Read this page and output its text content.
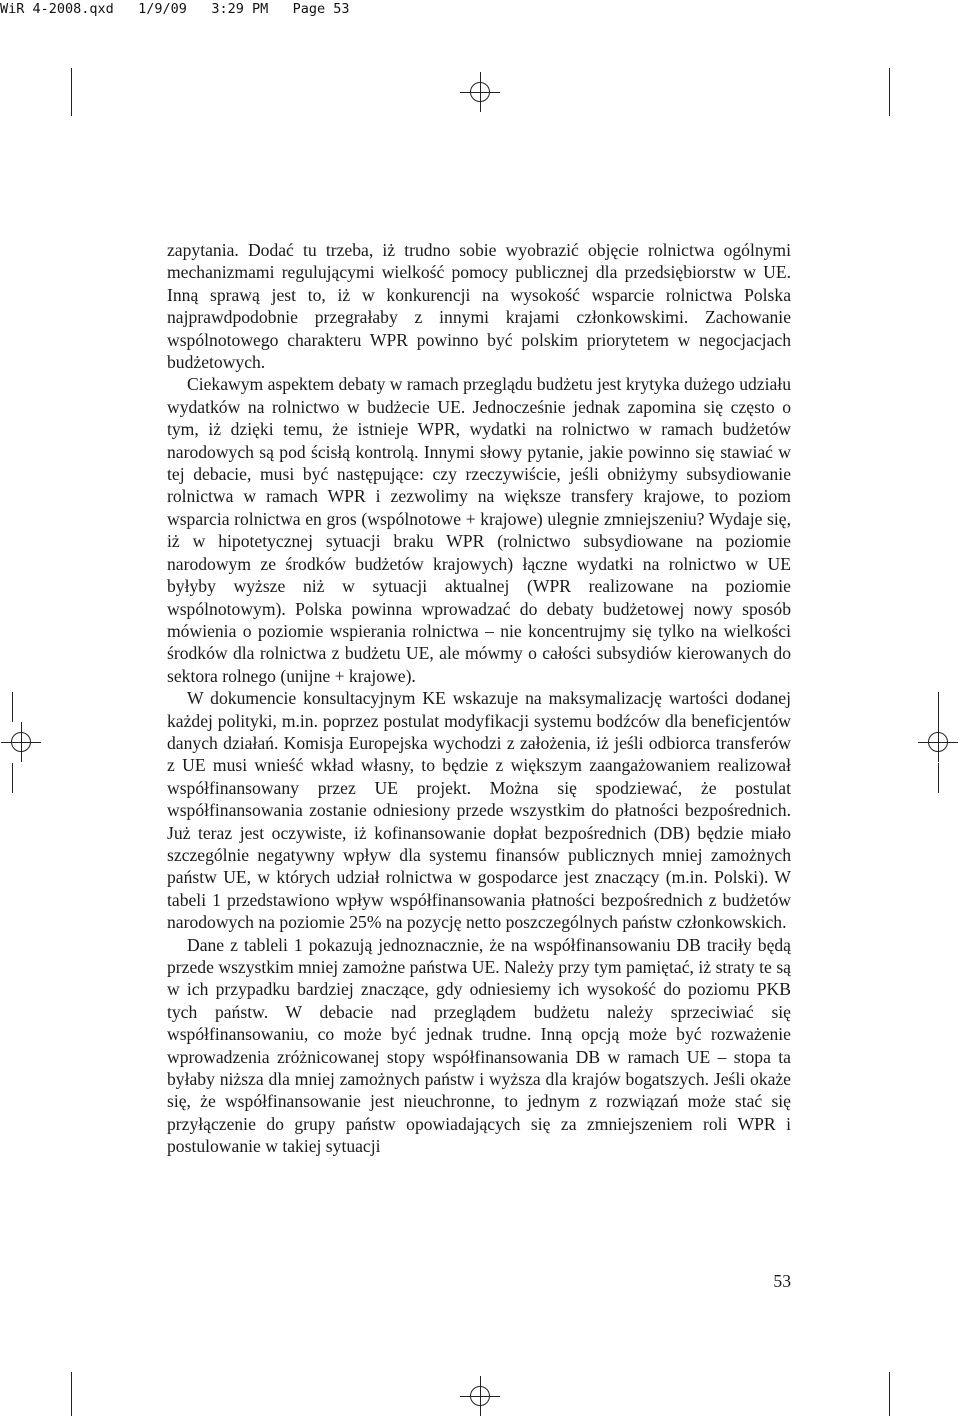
WiR 4-2008.qxd   1/9/09   3:29 PM   Page 53

zapytania. Dodać tu trzeba, iż trudno sobie wyobrazić objęcie rolnictwa ogólnymi mechanizmami regulującymi wielkość pomocy publicznej dla przedsiębiorstw w UE. Inną sprawą jest to, iż w konkurencji na wysokość wsparcie rolnictwa Polska najprawdpodobnie przegrałaby z innymi krajami członkowskimi. Zachowanie wspólnotowego charakteru WPR powinno być polskim priorytetem w negocjacjach budżetowych.

Ciekawym aspektem debaty w ramach przeglądu budżetu jest krytyka dużego udziału wydatków na rolnictwo w budżecie UE. Jednocześnie jednak zapomina się często o tym, iż dzięki temu, że istnieje WPR, wydatki na rolnictwo w ramach budżetów narodowych są pod ścisłą kontrolą. Innymi słowy pytanie, jakie powinno się stawiać w tej debacie, musi być następujące: czy rzeczywiście, jeśli obniżymy subsydiowanie rolnictwa w ramach WPR i zezwolimy na większe transfery krajowe, to poziom wsparcia rolnictwa en gros (wspólnotowe + krajowe) ulegnie zmniejszeniu? Wydaje się, iż w hipotetycznej sytuacji braku WPR (rolnictwo subsydiowane na poziomie narodowym ze środków budżetów krajowych) łączne wydatki na rolnictwo w UE byłyby wyższe niż w sytuacji aktualnej (WPR realizowane na poziomie wspólnotowym). Polska powinna wprowadzać do debaty budżetowej nowy sposób mówienia o poziomie wspierania rolnictwa – nie koncentrujmy się tylko na wielkości środków dla rolnictwa z budżetu UE, ale mówmy o całości subsydiów kierowanych do sektora rolnego (unijne + krajowe).

W dokumencie konsultacyjnym KE wskazuje na maksymalizację wartości dodanej każdej polityki, m.in. poprzez postulat modyfikacji systemu bodźców dla beneficjentów danych działań. Komisja Europejska wychodzi z założenia, iż jeśli odbiorca transferów z UE musi wnieść wkład własny, to będzie z większym zaangażowaniem realizował współfinansowany przez UE projekt. Można się spodziewać, że postulat współfinansowania zostanie odniesiony przede wszystkim do płatności bezpośrednich. Już teraz jest oczywiste, iż kofinansowanie dopłat bezpośrednich (DB) będzie miało szczególnie negatywny wpływ dla systemu finansów publicznych mniej zamożnych państw UE, w których udział rolnictwa w gospodarce jest znaczący (m.in. Polski). W tabeli 1 przedstawiono wpływ współfinansowania płatności bezpośrednich z budżetów narodowych na poziomie 25% na pozycję netto poszczególnych państw członkowskich.

Dane z tableli 1 pokazują jednoznacznie, że na współfinansowaniu DB traciły będą przede wszystkim mniej zamożne państwa UE. Należy przy tym pamiętać, iż straty te są w ich przypadku bardziej znaczące, gdy odniesiemy ich wysokość do poziomu PKB tych państw. W debacie nad przeglądem budżetu należy sprzeciwiać się współfinansowaniu, co może być jednak trudne. Inną opcją może być rozważenie wprowadzenia zróżnicowanej stopy współfinansowania DB w ramach UE – stopa ta byłaby niższa dla mniej zamożnych państw i wyższa dla krajów bogatszych. Jeśli okaże się, że współfinansowanie jest nieuchronne, to jednym z rozwiązań może stać się przyłączenie do grupy państw opowiadających się za zmniejszeniem roli WPR i postulowanie w takiej sytuacji

53
